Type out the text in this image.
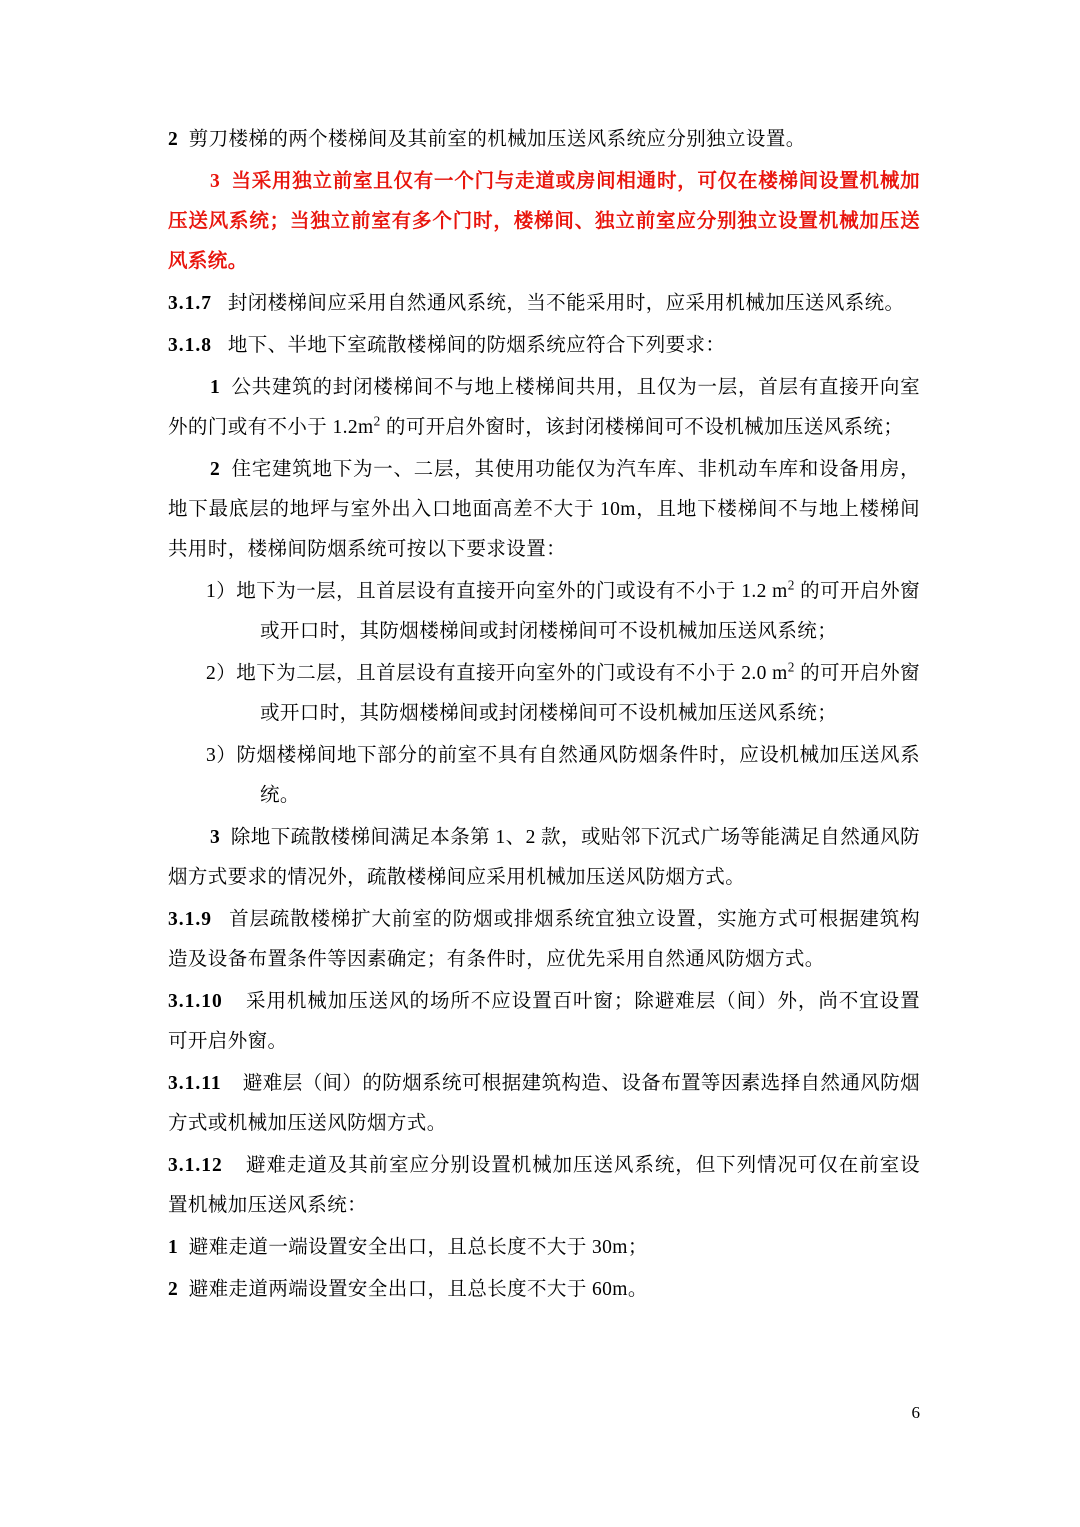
2 剪刀楼梯的两个楼梯间及其前室的机械加压送风系统应分别独立设置。

3 当采用独立前室且仅有一个门与走道或房间相通时，可仅在楼梯间设置机械加压送风系统；当独立前室有多个门时，楼梯间、独立前室应分别独立设置机械加压送风系统。

3.1.7 封闭楼梯间应采用自然通风系统，当不能采用时，应采用机械加压送风系统。

3.1.8 地下、半地下室疏散楼梯间的防烟系统应符合下列要求：

1 公共建筑的封闭楼梯间不与地上楼梯间共用，且仅为一层，首层有直接开向室外的门或有不小于 $1.2m^2$ 的可开启外窗时，该封闭楼梯间可不设机械加压送风系统；

2 住宅建筑地下为一、二层，其使用功能仅为汽车库、非机动车库和设备用房，地下最底层的地坪与室外出入口地面高差不大于 10m，且地下楼梯间不与地上楼梯间共用时，楼梯间防烟系统可按以下要求设置：

1）地下为一层，且首层设有直接开向室外的门或设有不小于 1.2 $m^2$ 的可开启外窗或开口时，其防烟楼梯间或封闭楼梯间可不设机械加压送风系统；

2）地下为二层，且首层设有直接开向室外的门或设有不小于 2.0 $m^2$ 的可开启外窗或开口时，其防烟楼梯间或封闭楼梯间可不设机械加压送风系统；

3）防烟楼梯间地下部分的前室不具有自然通风防烟条件时，应设机械加压送风系统。

3 除地下疏散楼梯间满足本条第 1、2 款，或贴邻下沉式广场等能满足自然通风防烟方式要求的情况外，疏散楼梯间应采用机械加压送风防烟方式。

3.1.9 首层疏散楼梯扩大前室的防烟或排烟系统宜独立设置，实施方式可根据建筑构造及设备布置条件等因素确定；有条件时，应优先采用自然通风防烟方式。

3.1.10 采用机械加压送风的场所不应设置百叶窗；除避难层（间）外，尚不宜设置可开启外窗。

3.1.11 避难层（间）的防烟系统可根据建筑构造、设备布置等因素选择自然通风防烟方式或机械加压送风防烟方式。

3.1.12 避难走道及其前室应分别设置机械加压送风系统，但下列情况可仅在前室设置机械加压送风系统：

1 避难走道一端设置安全出口，且总长度不大于 30m；

2 避难走道两端设置安全出口，且总长度不大于 60m。

6
